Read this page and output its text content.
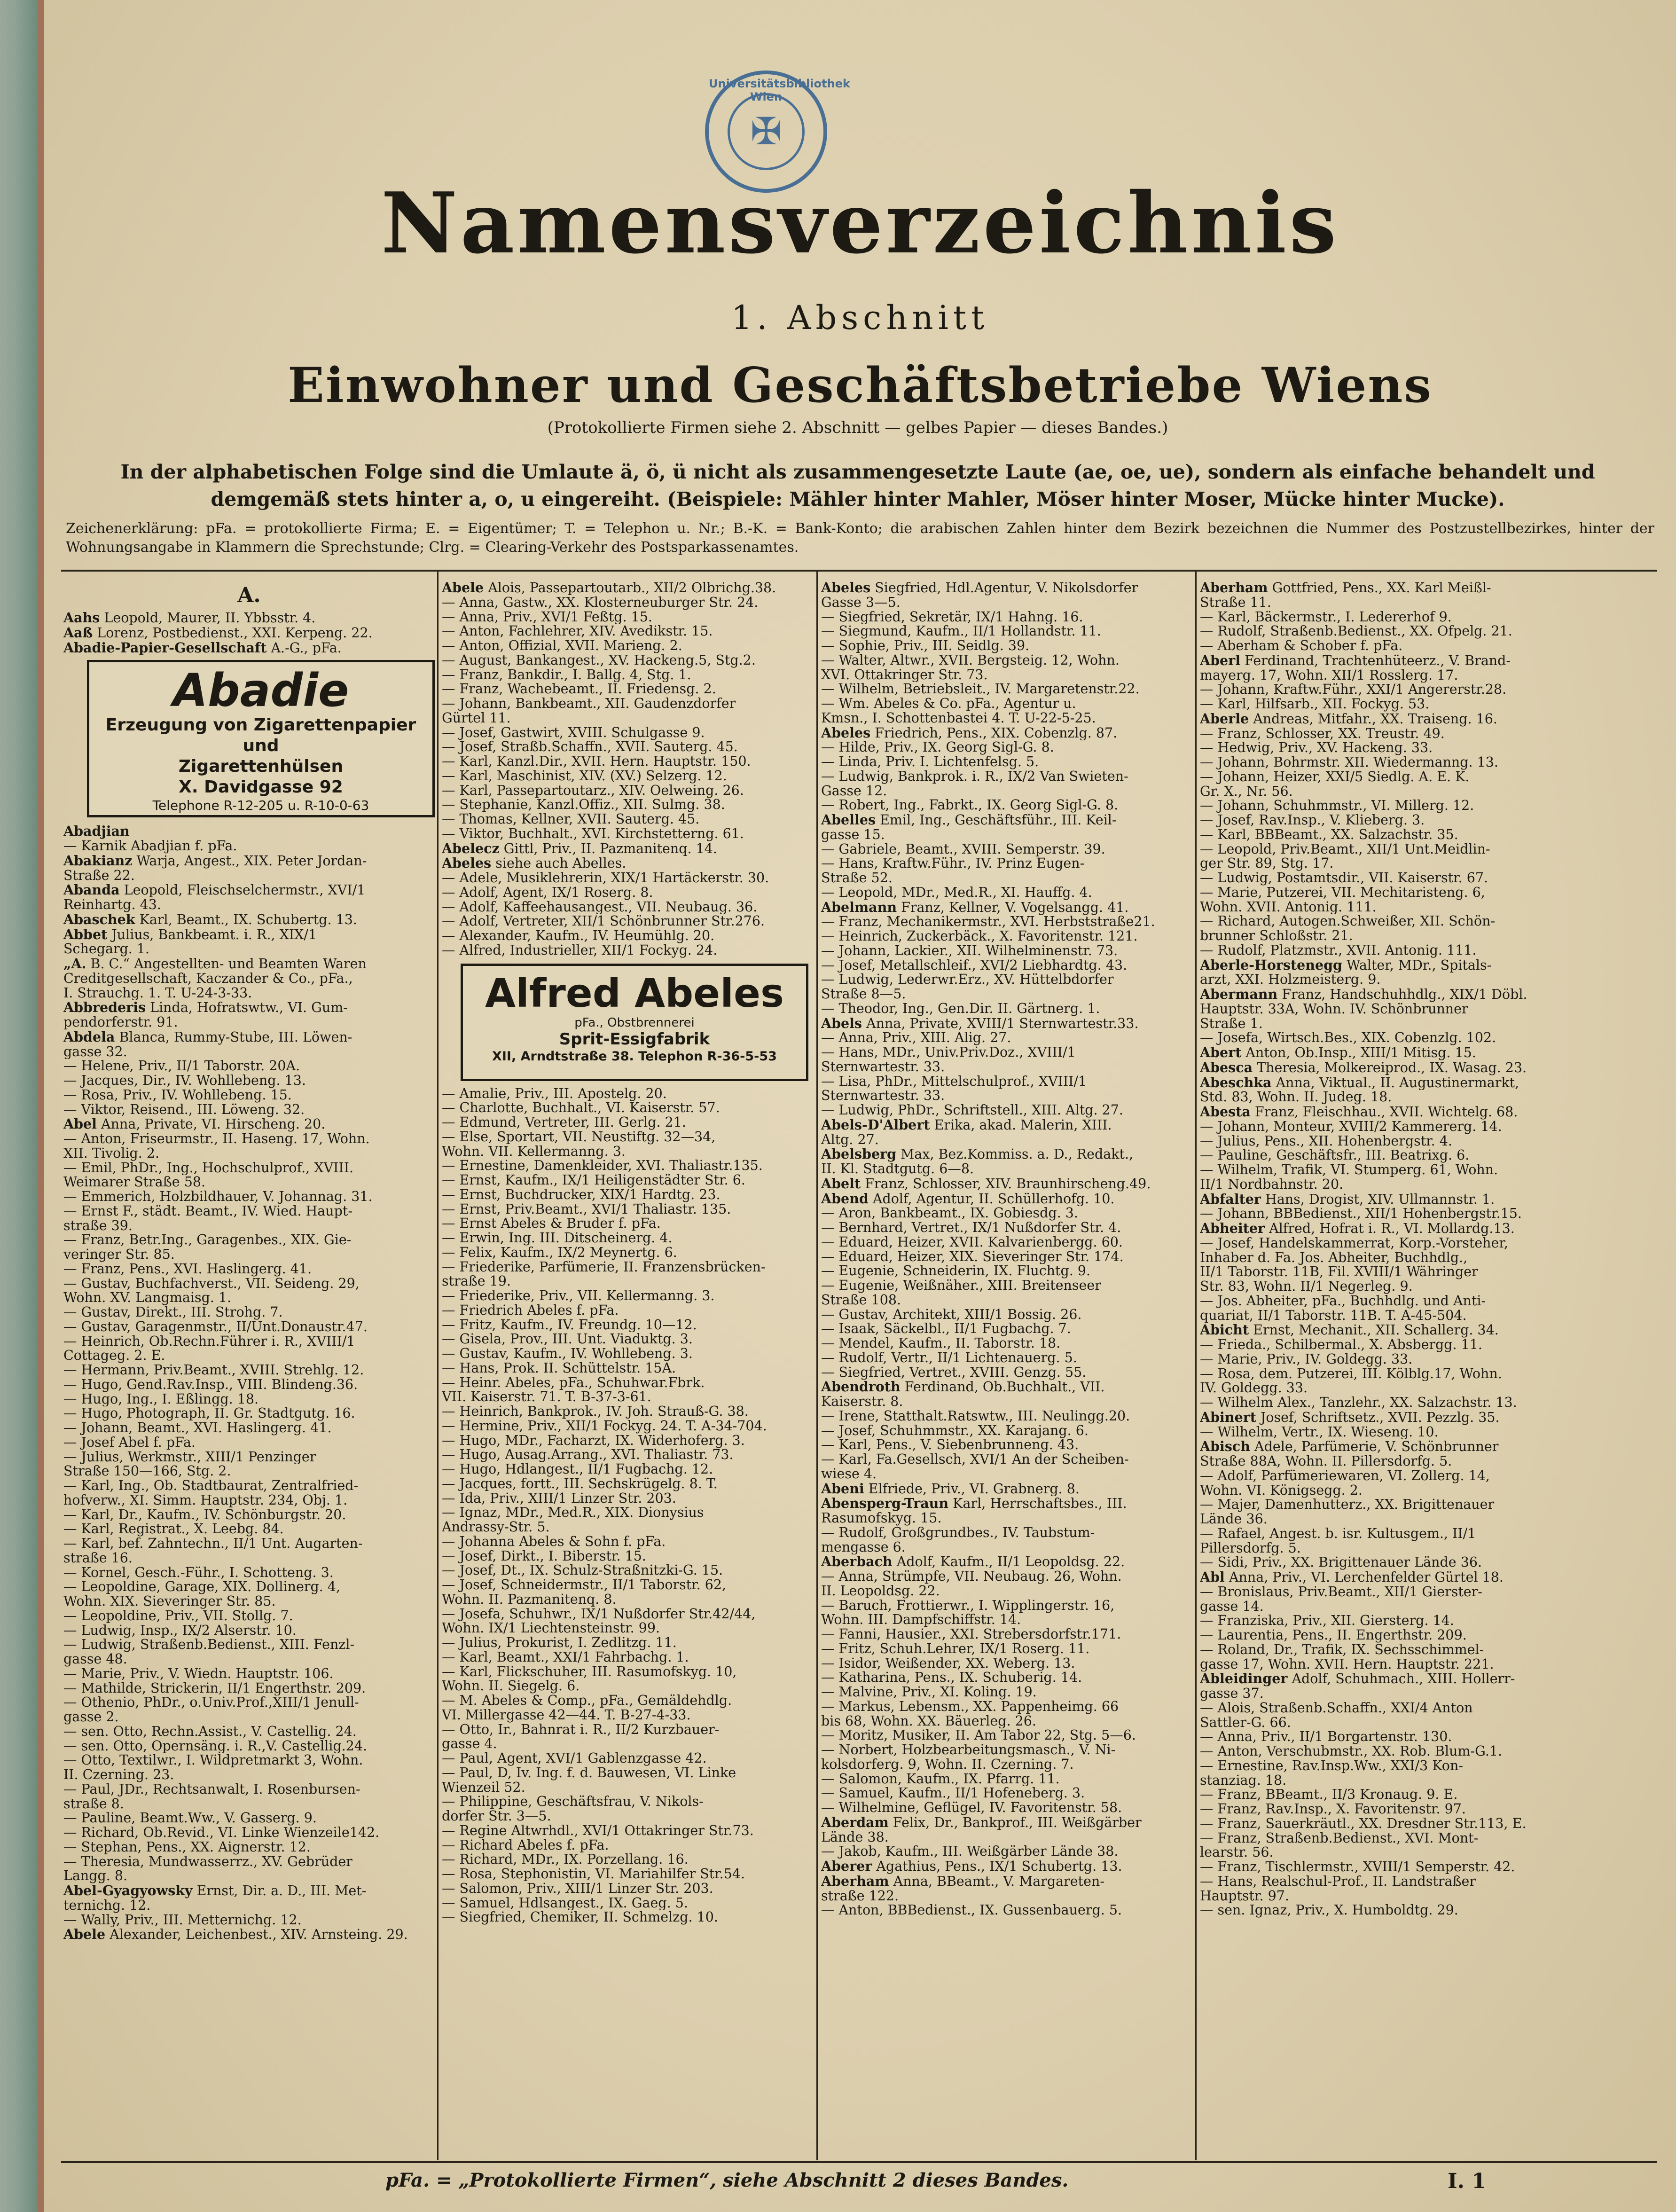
Universitätsbibliothek Wien
✠
Namensverzeichnis
1. Abschnitt
Einwohner und Geschäftsbetriebe Wiens
(Protokollierte Firmen siehe 2. Abschnitt — gelbes Papier — dieses Bandes.)
In der alphabetischen Folge sind die Umlaute ä, ö, ü nicht als zusammengesetzte Laute (ae, oe, ue), sondern als einfache behandelt und demgemäß stets hinter a, o, u eingereiht. (Beispiele: Mähler hinter Mahler, Möser hinter Moser, Mücke hinter Mucke).
Zeichenerklärung: pFa. = protokollierte Firma; E. = Eigentümer; T. = Telephon u. Nr.; B.-K. = Bank-Konto; die arabischen Zahlen hinter dem Bezirk bezeichnen die Nummer des Postzustellbezirkes, hinter der Wohnungsangabe in Klammern die Sprechstunde; Clrg. = Clearing-Verkehr des Postsparkassenamtes.
A.
Aahs Leopold, Maurer, II. Ybbsstr. 4.
Aaß Lorenz, Postbedienst., XXI. Kerpeng. 22.
Abadie-Papier-Gesellschaft A.-G., pFa.
Abadie
Erzeugung von Zigarettenpapier und
Zigarettenhülsen
X. Davidgasse 92
Telephone R-12-205 u. R-10-0-63
Abadjian
— Karnik Abadjian f. pFa.
Abakianz Warja, Angest., XIX. Peter Jordan-
Straße 22.
Abanda Leopold, Fleischselchermstr., XVI/1
Reinhartg. 43.
Abaschek Karl, Beamt., IX. Schubertg. 13.
Abbet Julius, Bankbeamt. i. R., XIX/1
Schegarg. 1.
„A. B. C.“ Angestellten- und Beamten Waren
Creditgesellschaft, Kaczander & Co., pFa.,
I. Strauchg. 1. T. U-24-3-33.
Abbrederis Linda, Hofratswtw., VI. Gum-
pendorferstr. 91.
Abdela Blanca, Rummy-Stube, III. Löwen-
gasse 32.
— Helene, Priv., II/1 Taborstr. 20A.
— Jacques, Dir., IV. Wohllebeng. 13.
— Rosa, Priv., IV. Wohllebeng. 15.
— Viktor, Reisend., III. Löweng. 32.
Abel Anna, Private, VI. Hirscheng. 20.
— Anton, Friseurmstr., II. Haseng. 17, Wohn.
XII. Tivolig. 2.
— Emil, PhDr., Ing., Hochschulprof., XVIII.
Weimarer Straße 58.
— Emmerich, Holzbildhauer, V. Johannag. 31.
— Ernst F., städt. Beamt., IV. Wied. Haupt-
straße 39.
— Franz, Betr.Ing., Garagenbes., XIX. Gie-
veringer Str. 85.
— Franz, Pens., XVI. Haslingerg. 41.
— Gustav, Buchfachverst., VII. Seideng. 29,
Wohn. XV. Langmaisg. 1.
— Gustav, Direkt., III. Strohg. 7.
— Gustav, Garagenmstr., II/Unt.Donaustr.47.
— Heinrich, Ob.Rechn.Führer i. R., XVIII/1
Cottageg. 2. E.
— Hermann, Priv.Beamt., XVIII. Strehlg. 12.
— Hugo, Gend.Rav.Insp., VIII. Blindeng.36.
— Hugo, Ing., I. Eßlingg. 18.
— Hugo, Photograph, II. Gr. Stadtgutg. 16.
— Johann, Beamt., XVI. Haslingerg. 41.
— Josef Abel f. pFa.
— Julius, Werkmstr., XIII/1 Penzinger
Straße 150—166, Stg. 2.
— Karl, Ing., Ob. Stadtbaurat, Zentralfried-
hofverw., XI. Simm. Hauptstr. 234, Obj. 1.
— Karl, Dr., Kaufm., IV. Schönburgstr. 20.
— Karl, Registrat., X. Leebg. 84.
— Karl, bef. Zahntechn., II/1 Unt. Augarten-
straße 16.
— Kornel, Gesch.-Führ., I. Schotteng. 3.
— Leopoldine, Garage, XIX. Dollinerg. 4,
Wohn. XIX. Sieveringer Str. 85.
— Leopoldine, Priv., VII. Stollg. 7.
— Ludwig, Insp., IX/2 Alserstr. 10.
— Ludwig, Straßenb.Bedienst., XIII. Fenzl-
gasse 48.
— Marie, Priv., V. Wiedn. Hauptstr. 106.
— Mathilde, Strickerin, II/1 Engerthstr. 209.
— Othenio, PhDr., o.Univ.Prof.,XIII/1 Jenull-
gasse 2.
— sen. Otto, Rechn.Assist., V. Castellig. 24.
— sen. Otto, Opernsäng. i. R.,V. Castellig.24.
— Otto, Textilwr., I. Wildpretmarkt 3, Wohn.
II. Czerning. 23.
— Paul, JDr., Rechtsanwalt, I. Rosenbursen-
straße 8.
— Pauline, Beamt.Ww., V. Gasserg. 9.
— Richard, Ob.Revid., VI. Linke Wienzeile142.
— Stephan, Pens., XX. Aignerstr. 12.
— Theresia, Mundwasserrz., XV. Gebrüder
Langg. 8.
Abel-Gyagyowsky Ernst, Dir. a. D., III. Met-
ternichg. 12.
— Wally, Priv., III. Metternichg. 12.
Abele Alexander, Leichenbest., XIV. Arnsteing. 29.
Abele Alois, Passepartoutarb., XII/2 Olbrichg.38.
— Anna, Gastw., XX. Klosterneuburger Str. 24.
— Anna, Priv., XVI/1 Feßtg. 15.
— Anton, Fachlehrer, XIV. Avedikstr. 15.
— Anton, Offizial, XVII. Marieng. 2.
— August, Bankangest., XV. Hackeng.5, Stg.2.
— Franz, Bankdir., I. Ballg. 4, Stg. 1.
— Franz, Wachebeamt., II. Friedensg. 2.
— Johann, Bankbeamt., XII. Gaudenzdorfer
Gürtel 11.
— Josef, Gastwirt, XVIII. Schulgasse 9.
— Josef, Straßb.Schaffn., XVII. Sauterg. 45.
— Karl, Kanzl.Dir., XVII. Hern. Hauptstr. 150.
— Karl, Maschinist, XIV. (XV.) Selzerg. 12.
— Karl, Passepartoutarz., XIV. Oelweing. 26.
— Stephanie, Kanzl.Offiz., XII. Sulmg. 38.
— Thomas, Kellner, XVII. Sauterg. 45.
— Viktor, Buchhalt., XVI. Kirchstetterng. 61.
Abelecz Gittl, Priv., II. Pazmanitenq. 14.
Abeles siehe auch Abelles.
— Adele, Musiklehrerin, XIX/1 Hartäckerstr. 30.
— Adolf, Agent, IX/1 Roserg. 8.
— Adolf, Kaffeehausangest., VII. Neubaug. 36.
— Adolf, Vertreter, XII/1 Schönbrunner Str.276.
— Alexander, Kaufm., IV. Heumühlg. 20.
— Alfred, Industrieller, XII/1 Fockyg. 24.
Alfred Abeles
pFa., Obstbrennerei
Sprit-Essigfabrik
XII, Arndtstraße 38. Telephon R-36-5-53
— Amalie, Priv., III. Apostelg. 20.
— Charlotte, Buchhalt., VI. Kaiserstr. 57.
— Edmund, Vertreter, III. Gerlg. 21.
— Else, Sportart, VII. Neustiftg. 32—34,
Wohn. VII. Kellermanng. 3.
— Ernestine, Damenkleider, XVI. Thaliastr.135.
— Ernst, Kaufm., IX/1 Heiligenstädter Str. 6.
— Ernst, Buchdrucker, XIX/1 Hardtg. 23.
— Ernst, Priv.Beamt., XVI/1 Thaliastr. 135.
— Ernst Abeles & Bruder f. pFa.
— Erwin, Ing. III. Ditscheinerg. 4.
— Felix, Kaufm., IX/2 Meynertg. 6.
— Friederike, Parfümerie, II. Franzensbrücken-
straße 19.
— Friederike, Priv., VII. Kellermanng. 3.
— Friedrich Abeles f. pFa.
— Fritz, Kaufm., IV. Freundg. 10—12.
— Gisela, Prov., III. Unt. Viaduktg. 3.
— Gustav, Kaufm., IV. Wohllebeng. 3.
— Hans, Prok. II. Schüttelstr. 15A.
— Heinr. Abeles, pFa., Schuhwar.Fbrk.
VII. Kaiserstr. 71. T. B-37-3-61.
— Heinrich, Bankprok., IV. Joh. Strauß-G. 38.
— Hermine, Priv., XII/1 Fockyg. 24. T. A-34-704.
— Hugo, MDr., Facharzt, IX. Widerhoferg. 3.
— Hugo, Ausag.Arrang., XVI. Thaliastr. 73.
— Hugo, Hdlangest., II/1 Fugbachg. 12.
— Jacques, fortt., III. Sechskrügelg. 8. T.
— Ida, Priv., XIII/1 Linzer Str. 203.
— Ignaz, MDr., Med.R., XIX. Dionysius
Andrassy-Str. 5.
— Johanna Abeles & Sohn f. pFa.
— Josef, Dirkt., I. Biberstr. 15.
— Josef, Dt., IX. Schulz-Straßnitzki-G. 15.
— Josef, Schneidermstr., II/1 Taborstr. 62,
Wohn. II. Pazmanitenq. 8.
— Josefa, Schuhwr., IX/1 Nußdorfer Str.42/44,
Wohn. IX/1 Liechtensteinstr. 99.
— Julius, Prokurist, I. Zedlitzg. 11.
— Karl, Beamt., XXI/1 Fahrbachg. 1.
— Karl, Flickschuher, III. Rasumofskyg. 10,
Wohn. II. Siegelg. 6.
— M. Abeles & Comp., pFa., Gemäldehdlg.
VI. Millergasse 42—44. T. B-27-4-33.
— Otto, Ir., Bahnrat i. R., II/2 Kurzbauer-
gasse 4.
— Paul, Agent, XVI/1 Gablenzgasse 42.
— Paul, D, Iv. Ing. f. d. Bauwesen, VI. Linke
Wienzeil 52.
— Philippine, Geschäftsfrau, V. Nikols-
dorfer Str. 3—5.
— Regine Altwrhdl., XVI/1 Ottakringer Str.73.
— Richard Abeles f. pFa.
— Richard, MDr., IX. Porzellang. 16.
— Rosa, Stephonistin, VI. Mariahilfer Str.54.
— Salomon, Priv., XIII/1 Linzer Str. 203.
— Samuel, Hdlsangest., IX. Gaeg. 5.
— Siegfried, Chemiker, II. Schmelzg. 10.
Abeles Siegfried, Hdl.Agentur, V. Nikolsdorfer
Gasse 3—5.
— Siegfried, Sekretär, IX/1 Hahng. 16.
— Siegmund, Kaufm., II/1 Hollandstr. 11.
— Sophie, Priv., III. Seidlg. 39.
— Walter, Altwr., XVII. Bergsteig. 12, Wohn.
XVI. Ottakringer Str. 73.
— Wilhelm, Betriebsleit., IV. Margaretenstr.22.
— Wm. Abeles & Co. pFa., Agentur u.
Kmsn., I. Schottenbastei 4. T. U-22-5-25.
Abeles Friedrich, Pens., XIX. Cobenzlg. 87.
— Hilde, Priv., IX. Georg Sigl-G. 8.
— Linda, Priv. I. Lichtenfelsg. 5.
— Ludwig, Bankprok. i. R., IX/2 Van Swieten-
Gasse 12.
— Robert, Ing., Fabrkt., IX. Georg Sigl-G. 8.
Abelles Emil, Ing., Geschäftsführ., III. Keil-
gasse 15.
— Gabriele, Beamt., XVIII. Semperstr. 39.
— Hans, Kraftw.Führ., IV. Prinz Eugen-
Straße 52.
— Leopold, MDr., Med.R., XI. Hauffg. 4.
Abelmann Franz, Kellner, V. Vogelsangg. 41.
— Franz, Mechanikermstr., XVI. Herbststraße21.
— Heinrich, Zuckerbäck., X. Favoritenstr. 121.
— Johann, Lackier., XII. Wilhelminenstr. 73.
— Josef, Metallschleif., XVI/2 Liebhardtg. 43.
— Ludwig, Lederwr.Erz., XV. Hüttelbdorfer
Straße 8—5.
— Theodor, Ing., Gen.Dir. II. Gärtnerg. 1.
Abels Anna, Private, XVIII/1 Sternwartestr.33.
— Anna, Priv., XIII. Alig. 27.
— Hans, MDr., Univ.Priv.Doz., XVIII/1
Sternwartestr. 33.
— Lisa, PhDr., Mittelschulprof., XVIII/1
Sternwartestr. 33.
— Ludwig, PhDr., Schriftstell., XIII. Altg. 27.
Abels-D'Albert Erika, akad. Malerin, XIII.
Altg. 27.
Abelsberg Max, Bez.Kommiss. a. D., Redakt.,
II. Kl. Stadtgutg. 6—8.
Abelt Franz, Schlosser, XIV. Braunhirscheng.49.
Abend Adolf, Agentur, II. Schüllerhofg. 10.
— Aron, Bankbeamt., IX. Gobiesdg. 3.
— Bernhard, Vertret., IX/1 Nußdorfer Str. 4.
— Eduard, Heizer, XVII. Kalvarienbergg. 60.
— Eduard, Heizer, XIX. Sieveringer Str. 174.
— Eugenie, Schneiderin, IX. Fluchtg. 9.
— Eugenie, Weißnäher., XIII. Breitenseer
Straße 108.
— Gustav, Architekt, XIII/1 Bossig. 26.
— Isaak, Säckelbl., II/1 Fugbachg. 7.
— Mendel, Kaufm., II. Taborstr. 18.
— Rudolf, Vertr., II/1 Lichtenauerg. 5.
— Siegfried, Vertret., XVIII. Genzg. 55.
Abendroth Ferdinand, Ob.Buchhalt., VII.
Kaiserstr. 8.
— Irene, Statthalt.Ratswtw., III. Neulingg.20.
— Josef, Schuhmmstr., XX. Karajang. 6.
— Karl, Pens., V. Siebenbrunneng. 43.
— Karl, Fa.Gesellsch, XVI/1 An der Scheiben-
wiese 4.
Abeni Elfriede, Priv., VI. Grabnerg. 8.
Abensperg-Traun Karl, Herrschaftsbes., III.
Rasumofskyg. 15.
— Rudolf, Großgrundbes., IV. Taubstum-
mengasse 6.
Aberbach Adolf, Kaufm., II/1 Leopoldsg. 22.
— Anna, Strümpfe, VII. Neubaug. 26, Wohn.
II. Leopoldsg. 22.
— Baruch, Frottierwr., I. Wipplingerstr. 16,
Wohn. III. Dampfschiffstr. 14.
— Fanni, Hausier., XXI. Strebersdorfstr.171.
— Fritz, Schuh.Lehrer, IX/1 Roserg. 11.
— Isidor, Weißender, XX. Weberg. 13.
— Katharina, Pens., IX. Schuberig. 14.
— Malvine, Priv., XI. Koling. 19.
— Markus, Lebensm., XX. Pappenheimg. 66
bis 68, Wohn. XX. Bäuerleg. 26.
— Moritz, Musiker, II. Am Tabor 22, Stg. 5—6.
— Norbert, Holzbearbeitungsmasch., V. Ni-
kolsdorferg. 9, Wohn. II. Czerning. 7.
— Salomon, Kaufm., IX. Pfarrg. 11.
— Samuel, Kaufm., II/1 Hofeneberg. 3.
— Wilhelmine, Geflügel, IV. Favoritenstr. 58.
Aberdam Felix, Dr., Bankprof., III. Weißgärber
Lände 38.
— Jakob, Kaufm., III. Weißgärber Lände 38.
Aberer Agathius, Pens., IX/1 Schubertg. 13.
Aberham Anna, BBeamt., V. Margareten-
straße 122.
— Anton, BBBedienst., IX. Gussenbauerg. 5.
Aberham Gottfried, Pens., XX. Karl Meißl-
Straße 11.
— Karl, Bäckermstr., I. Ledererhof 9.
— Rudolf, Straßenb.Bedienst., XX. Ofpelg. 21.
— Aberham & Schober f. pFa.
Aberl Ferdinand, Trachtenhüteerz., V. Brand-
mayerg. 17, Wohn. XII/1 Rosslerg. 17.
— Johann, Kraftw.Führ., XXI/1 Angererstr.28.
— Karl, Hilfsarb., XII. Fockyg. 53.
Aberle Andreas, Mitfahr., XX. Traiseng. 16.
— Franz, Schlosser, XX. Treustr. 49.
— Hedwig, Priv., XV. Hackeng. 33.
— Johann, Bohrmstr. XII. Wiedermanng. 13.
— Johann, Heizer, XXI/5 Siedlg. A. E. K.
Gr. X., Nr. 56.
— Johann, Schuhmmstr., VI. Millerg. 12.
— Josef, Rav.Insp., V. Klieberg. 3.
— Karl, BBBeamt., XX. Salzachstr. 35.
— Leopold, Priv.Beamt., XII/1 Unt.Meidlin-
ger Str. 89, Stg. 17.
— Ludwig, Postamtsdir., VII. Kaiserstr. 67.
— Marie, Putzerei, VII. Mechitaristeng. 6,
Wohn. XVII. Antonig. 111.
— Richard, Autogen.Schweißer, XII. Schön-
brunner Schloßstr. 21.
— Rudolf, Platzmstr., XVII. Antonig. 111.
Aberle-Horstenegg Walter, MDr., Spitals-
arzt, XXI. Holzmeisterg. 9.
Abermann Franz, Handschuhhdlg., XIX/1 Döbl.
Hauptstr. 33A, Wohn. IV. Schönbrunner
Straße 1.
— Josefa, Wirtsch.Bes., XIX. Cobenzlg. 102.
Abert Anton, Ob.Insp., XIII/1 Mitisg. 15.
Abesca Theresia, Molkereiprod., IX. Wasag. 23.
Abeschka Anna, Viktual., II. Augustinermarkt,
Std. 83, Wohn. II. Judeg. 18.
Abesta Franz, Fleischhau., XVII. Wichtelg. 68.
— Johann, Monteur, XVIII/2 Kammererg. 14.
— Julius, Pens., XII. Hohenbergstr. 4.
— Pauline, Geschäftsfr., III. Beatrixg. 6.
— Wilhelm, Trafik, VI. Stumperg. 61, Wohn.
II/1 Nordbahnstr. 20.
Abfalter Hans, Drogist, XIV. Ullmannstr. 1.
— Johann, BBBedienst., XII/1 Hohenbergstr.15.
Abheiter Alfred, Hofrat i. R., VI. Mollardg.13.
— Josef, Handelskammerrat, Korp.-Vorsteher,
Inhaber d. Fa. Jos. Abheiter, Buchhdlg.,
II/1 Taborstr. 11B, Fil. XVIII/1 Währinger
Str. 83, Wohn. II/1 Negerleg. 9.
— Jos. Abheiter, pFa., Buchhdlg. und Anti-
quariat, II/1 Taborstr. 11B. T. A-45-504.
Abicht Ernst, Mechanit., XII. Schallerg. 34.
— Frieda., Schilbermal., X. Absbergg. 11.
— Marie, Priv., IV. Goldegg. 33.
— Rosa, dem. Putzerei, III. Kölblg.17, Wohn.
IV. Goldegg. 33.
— Wilhelm Alex., Tanzlehr., XX. Salzachstr. 13.
Abinert Josef, Schriftsetz., XVII. Pezzlg. 35.
— Wilhelm, Vertr., IX. Wieseng. 10.
Abisch Adele, Parfümerie, V. Schönbrunner
Straße 88A, Wohn. II. Pillersdorfg. 5.
— Adolf, Parfümeriewaren, VI. Zollerg. 14,
Wohn. VI. Königsegg. 2.
— Majer, Damenhutterz., XX. Brigittenauer
Lände 36.
— Rafael, Angest. b. isr. Kultusgem., II/1
Pillersdorfg. 5.
— Sidi, Priv., XX. Brigittenauer Lände 36.
Abl Anna, Priv., VI. Lerchenfelder Gürtel 18.
— Bronislaus, Priv.Beamt., XII/1 Gierster-
gasse 14.
— Franziska, Priv., XII. Giersterg. 14.
— Laurentia, Pens., II. Engerthstr. 209.
— Roland, Dr., Trafik, IX. Sechsschimmel-
gasse 17, Wohn. XVII. Hern. Hauptstr. 221.
Ableidinger Adolf, Schuhmach., XIII. Hollerr-
gasse 37.
— Alois, Straßenb.Schaffn., XXI/4 Anton
Sattler-G. 66.
— Anna, Priv., II/1 Borgartenstr. 130.
— Anton, Verschubmstr., XX. Rob. Blum-G.1.
— Ernestine, Rav.Insp.Ww., XXI/3 Kon-
stanziag. 18.
— Franz, BBeamt., II/3 Kronaug. 9. E.
— Franz, Rav.Insp., X. Favoritenstr. 97.
— Franz, Sauerkräutl., XX. Dresdner Str.113, E.
— Franz, Straßenb.Bedienst., XVI. Mont-
learstr. 56.
— Franz, Tischlermstr., XVIII/1 Semperstr. 42.
— Hans, Realschul-Prof., II. Landstraßer
Hauptstr. 97.
— sen. Ignaz, Priv., X. Humboldtg. 29.
pFa. = „Protokollierte Firmen“, siehe Abschnitt 2 dieses Bandes.	I. 1
